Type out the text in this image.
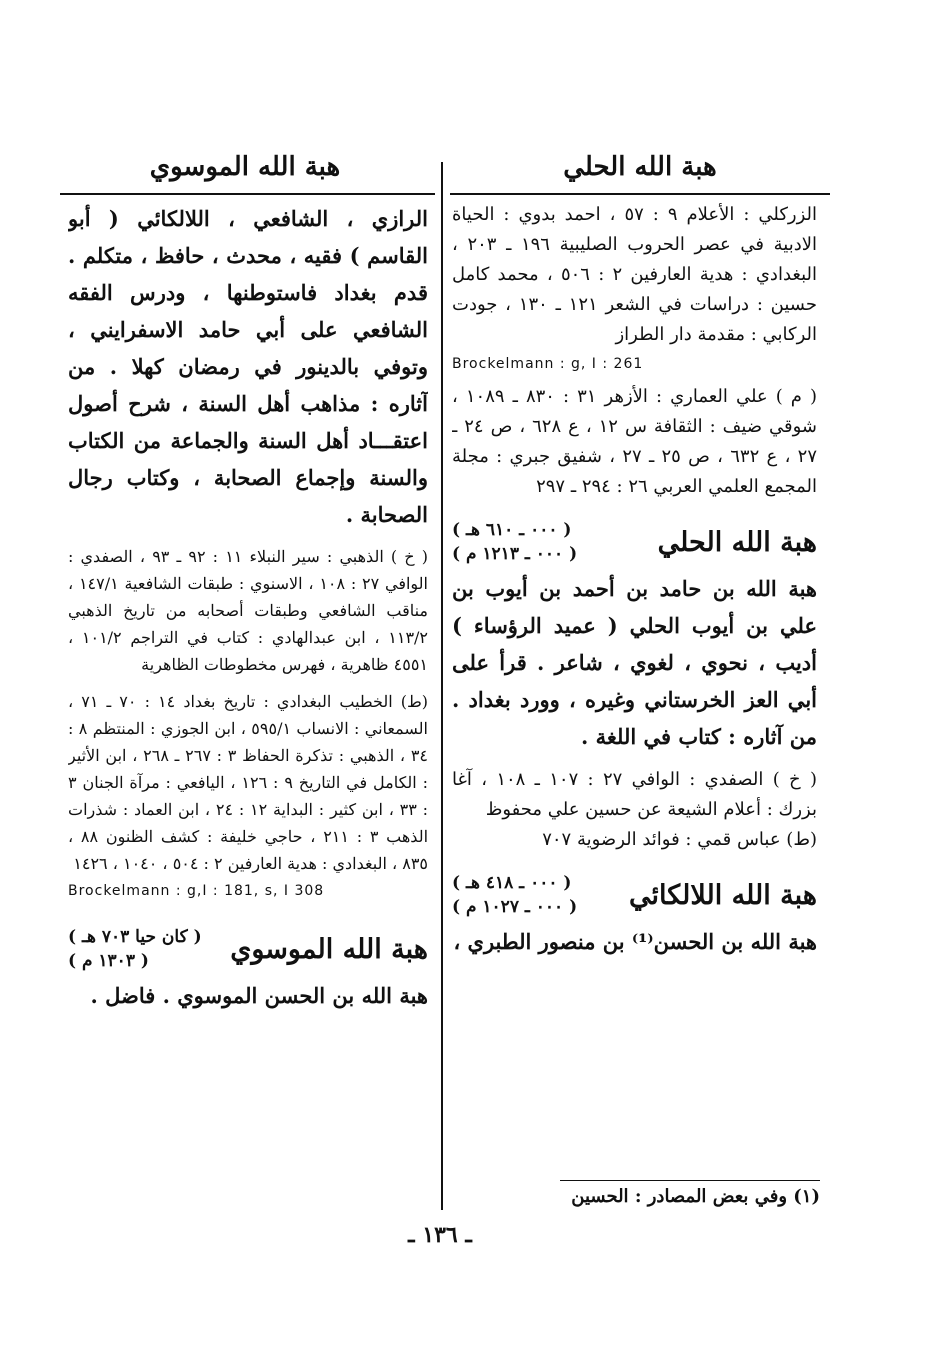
هبة الله الحلي
هبة الله الموسوي

الزركلي : الأعلام ٩ : ٥٧ ، احمد بدوي : الحياة الادبية في عصر الحروب الصليبية ١٩٦ ـ ٢٠٣ ، البغدادي : هدية العارفين ٢ : ٥٠٦ ، محمد كامل حسين : دراسات في الشعر ١٢١ ـ ١٣٠ ، جودت الركابي : مقدمة دار الطراز

Brockelmann : g, I : 261

( م ) علي العماري : الأزهر ٣١ : ٨٣٠ ـ ١٠٨٩ ، شوقي ضيف : الثقافة س ١٢ ، ع ٦٢٨ ، ص ٢٤ ـ ٢٧ ، ع ٦٣٢ ، ص ٢٥ ـ ٢٧ ، شفيق جبري : مجلة المجمع العلمي العربي ٢٦ : ٢٩٤ ـ ٢٩٧

هبة الله الحلي
( ٠٠٠ ـ ٦١٠ هـ )
( ٠٠٠ ـ ١٢١٣ م )

هبة الله بن حامد بن أحمد بن أيوب بن علي بن أيوب الحلي ( عميد الرؤساء ) أديب ، نحوي ، لغوي ، شاعر . قرأ على أبي العز الخرستاني وغيره ، وورد بغداد . من آثاره : كتاب في اللغة .

( خ ) الصفدي : الوافي ٢٧ : ١٠٧ ـ ١٠٨ ، آغا بزرك : أعلام الشيعة عن حسين علي محفوظ

(ط) عباس قمي : فوائد الرضوية ٧٠٧

هبة الله اللالكائي
( ٠٠٠ ـ ٤١٨ هـ )
( ٠٠٠ ـ ١٠٢٧ م )

هبة الله بن الحسن⁽¹⁾ بن منصور الطبري ،

الرازي ، الشافعي ، اللالكائي ( أبو القاسم ) فقيه ، محدث ، حافظ ، متكلم . قدم بغداد فاستوطنها ، ودرس الفقه الشافعي على أبي حامد الاسفرايني ، وتوفي بالدينور في رمضان كهلا . من آثاره : مذاهب أهل السنة ، شرح أصول اعتقـــاد أهل السنة والجماعة من الكتاب والسنة وإجماع الصحابة ، وكتاب رجال الصحابة .

( خ ) الذهبي : سير النبلاء ١١ : ٩٢ ـ ٩٣ ، الصفدي : الوافي ٢٧ : ١٠٨ ، الاسنوي : طبقات الشافعية ١٤٧/١ ، مناقب الشافعي وطبقات أصحابه من تاريخ الذهبي ١١٣/٢ ، ابن عبدالهادي : كتاب في التراجم ١٠١/٢ ، ٤٥٥١ ظاهرية ، فهرس مخطوطات الظاهرية

(ط) الخطيب البغدادي : تاريخ بغداد ١٤ : ٧٠ ـ ٧١ ، السمعاني : الانساب ٥٩٥/١ ، ابن الجوزي : المنتظم ٨ : ٣٤ ، الذهبي : تذكرة الحفاظ ٣ : ٢٦٧ ـ ٢٦٨ ، ابن الأثير : الكامل في التاريخ ٩ : ١٢٦ ، اليافعي : مرآة الجنان ٣ : ٣٣ ، ابن كثير : البداية ١٢ : ٢٤ ، ابن العماد : شذرات الذهب ٣ : ٢١١ ، حاجي خليفة : كشف الظنون ٨٨ ، ٨٣٥ ، البغدادي : هدية العارفين ٢ : ٥٠٤ ، ١٠٤٠ ، ١٤٢٦

Brockelmann : g,I : 181, s, I 308
هبة الله الموسوي
( كان حيا ٧٠٣ هـ )
( ١٣٠٣ م )

هبة الله بن الحسن الموسوي . فاضل .

(١) وفي بعض المصادر : الحسين
ـ ١٣٦ ـ
